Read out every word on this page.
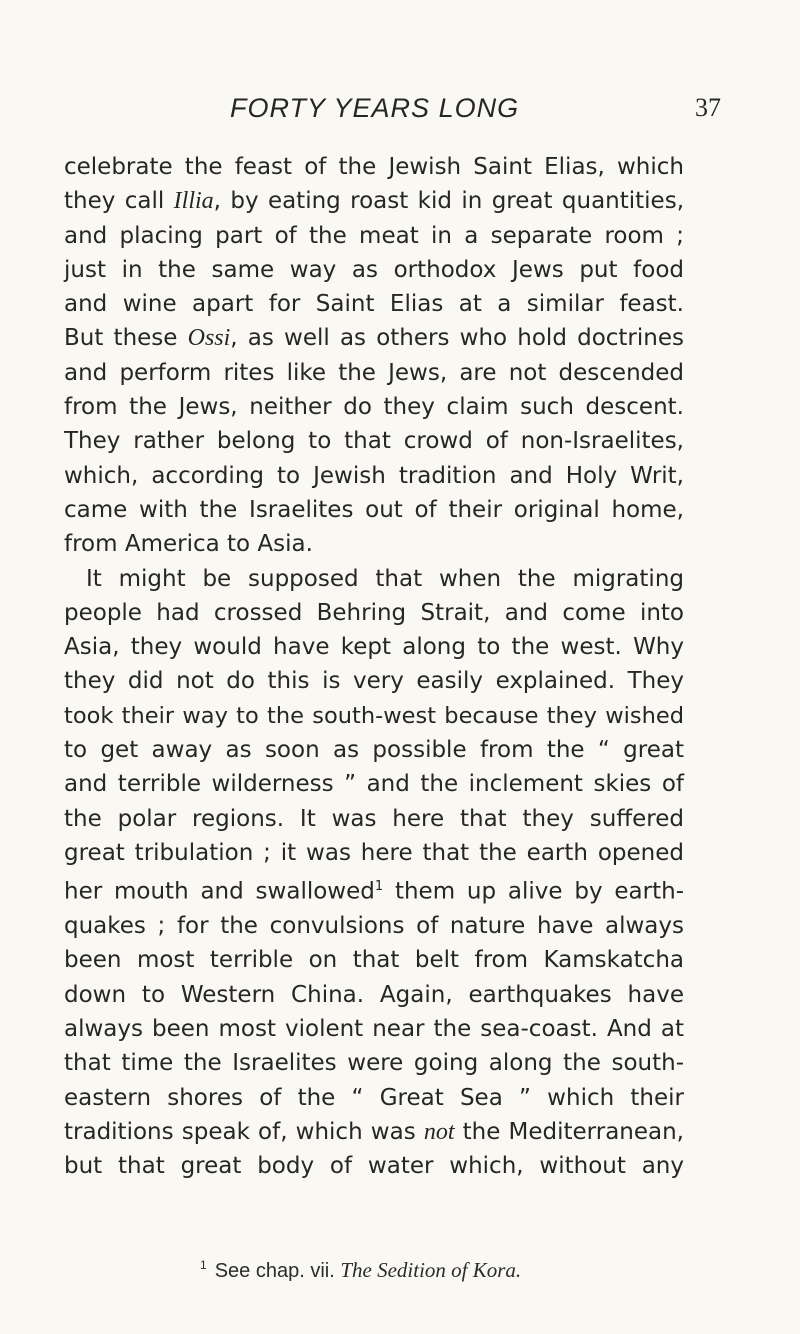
FORTY YEARS LONG	37
celebrate the feast of the Jewish Saint Elias, which
they call Illia, by eating roast kid in great quantities,
and placing part of the meat in a separate room ;
just in the same way as orthodox Jews put food
and wine apart for Saint Elias at a similar feast.
But these Ossi, as well as others who hold doctrines
and perform rites like the Jews, are not descended
from the Jews, neither do they claim such descent.
They rather belong to that crowd of non-Israelites,
which, according to Jewish tradition and Holy Writ,
came with the Israelites out of their original home,
from America to Asia.
It might be supposed that when the migrating
people had crossed Behring Strait, and come into
Asia, they would have kept along to the west. Why
they did not do this is very easily explained. They
took their way to the south-west because they wished
to get away as soon as possible from the “ great
and terrible wilderness ” and the inclement skies of
the polar regions. It was here that they suffered
great tribulation ; it was here that the earth opened
her mouth and swallowed$^1$ them up alive by earth-
quakes ; for the convulsions of nature have always
been most terrible on that belt from Kamskatcha
down to Western China. Again, earthquakes have
always been most violent near the sea-coast. And at
that time the Israelites were going along the south-
eastern shores of the “ Great Sea ” which their
traditions speak of, which was not the Mediterranean,
but that great body of water which, without any
$^1$ See chap. vii. The Sedition of Kora.
